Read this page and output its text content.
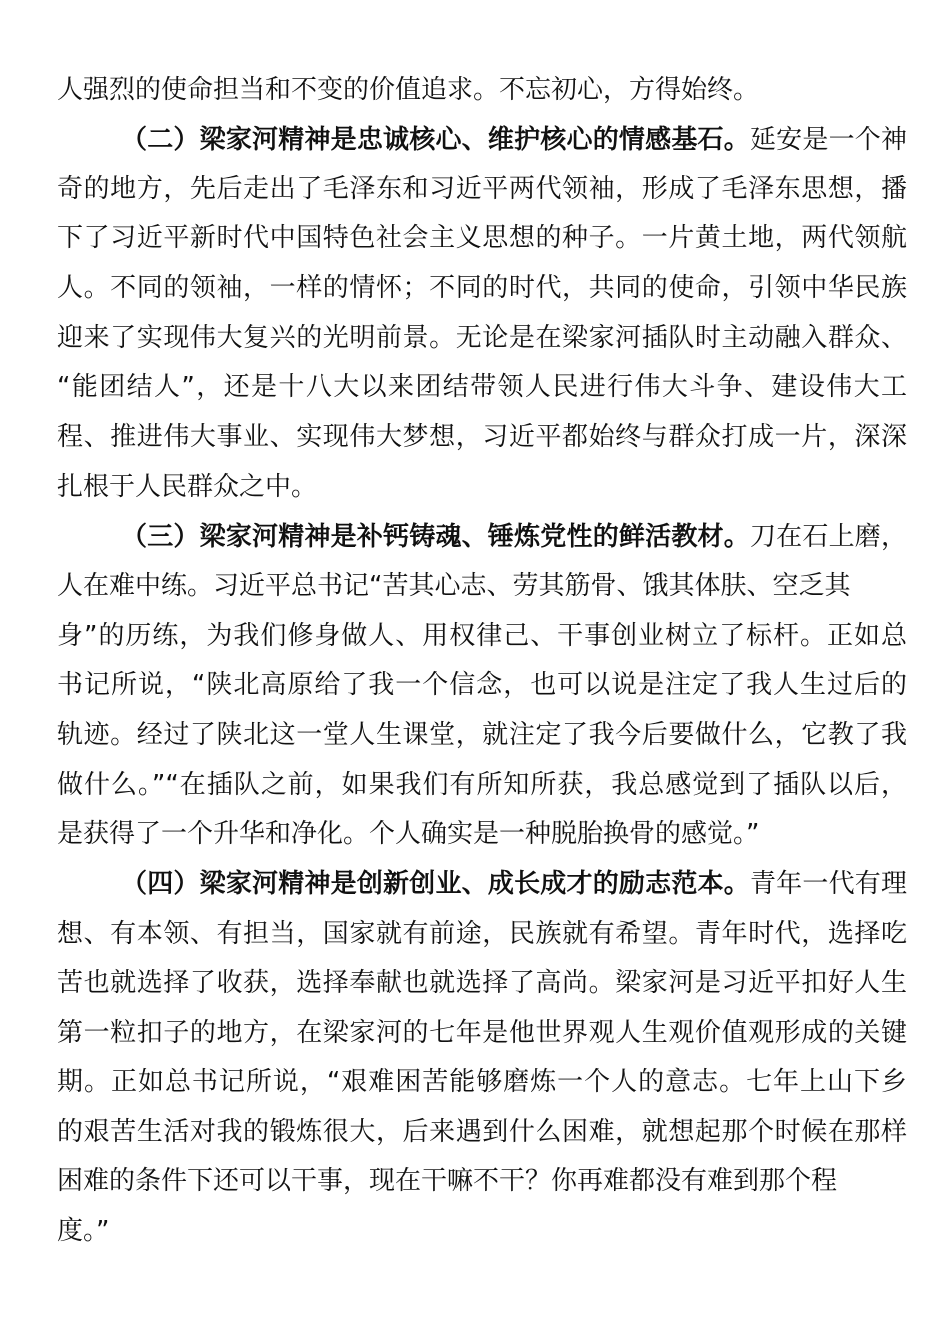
人强烈的使命担当和不变的价值追求。不忘初心，方得始终。
（二）梁家河精神是忠诚核心、维护核心的情感基石。延安是一个神
奇的地方，先后走出了毛泽东和习近平两代领袖，形成了毛泽东思想，播
下了习近平新时代中国特色社会主义思想的种子。一片黄土地，两代领航
人。不同的领袖，一样的情怀；不同的时代，共同的使命，引领中华民族
迎来了实现伟大复兴的光明前景。无论是在梁家河插队时主动融入群众、
“能团结人”，还是十八大以来团结带领人民进行伟大斗争、建设伟大工
程、推进伟大事业、实现伟大梦想，习近平都始终与群众打成一片，深深
扎根于人民群众之中。
（三）梁家河精神是补钙铸魂、锤炼党性的鲜活教材。刀在石上磨，
人在难中练。习近平总书记“苦其心志、劳其筋骨、饿其体肤、空乏其
身”的历练，为我们修身做人、用权律己、干事创业树立了标杆。正如总
书记所说，“陕北高原给了我一个信念，也可以说是注定了我人生过后的
轨迹。经过了陕北这一堂人生课堂，就注定了我今后要做什么，它教了我
做什么。”“在插队之前，如果我们有所知所获，我总感觉到了插队以后，
是获得了一个升华和净化。个人确实是一种脱胎换骨的感觉。”
（四）梁家河精神是创新创业、成长成才的励志范本。青年一代有理
想、有本领、有担当，国家就有前途，民族就有希望。青年时代，选择吃
苦也就选择了收获，选择奉献也就选择了高尚。梁家河是习近平扣好人生
第一粒扣子的地方，在梁家河的七年是他世界观人生观价值观形成的关键
期。正如总书记所说，“艰难困苦能够磨炼一个人的意志。七年上山下乡
的艰苦生活对我的锻炼很大，后来遇到什么困难，就想起那个时候在那样
困难的条件下还可以干事，现在干嘛不干？你再难都没有难到那个程
度。”
